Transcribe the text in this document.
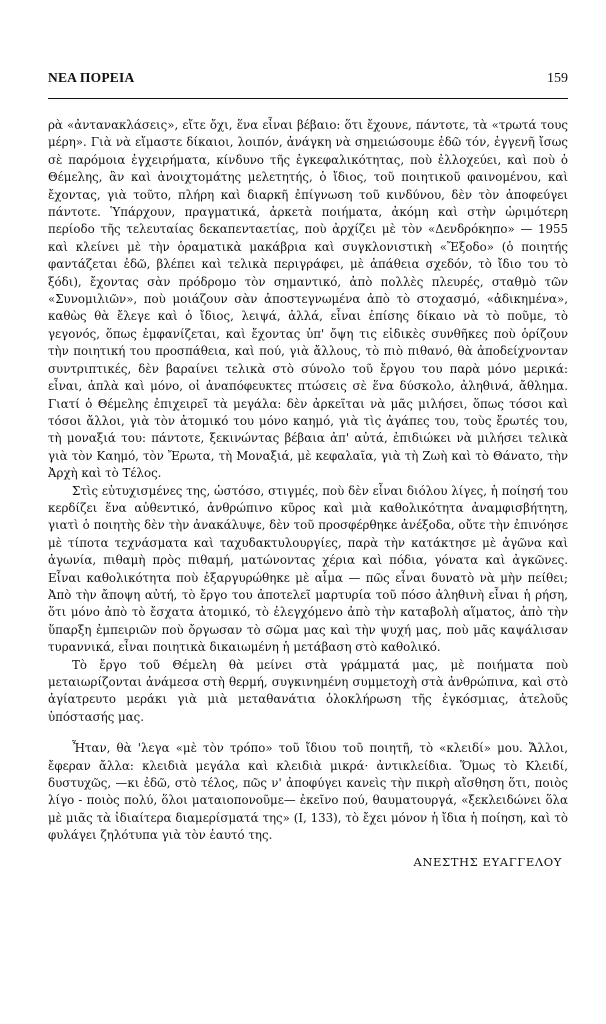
ΝΕΑ ΠΟΡΕΙΑ	159

ρὰ «ἀντανακλάσεις», εἴτε ὄχι, ἕνα εἶναι βέβαιο: ὅτι ἔχουνε, πάντοτε, τὰ «τρωτά τους μέρη». Γιὰ νὰ εἴμαστε δίκαιοι, λοιπόν, ἀνάγκη νὰ σημειώσουμε ἐδῶ τόν, ἐγγενῆ ἴσως σὲ παρόμοια ἐγχειρήματα, κίνδυνο τῆς ἐγκεφαλικότητας, ποὺ ἐλλοχεύει, καὶ ποὺ ὁ Θέμελης, ἂν καὶ ἀνοιχτομάτης μελετητής, ὁ ἴδιος, τοῦ ποιητικοῦ φαινομένου, καὶ ἔχοντας, γιὰ τοῦτο, πλήρη καὶ διαρκῆ ἐπίγνωση τοῦ κινδύνου, δὲν τὸν ἀποφεύγει πάντοτε. Ὑπάρχουν, πραγματικά, ἀρκετὰ ποιήματα, ἀκόμη καὶ στὴν ὡριμότερη περίοδο τῆς τελευταίας δεκαπενταετίας, ποὺ ἀρχίζει μὲ τὸν «Δενδρόκηπο» — 1955 καὶ κλείνει μὲ τὴν ὁραματικὰ μακάβρια καὶ συγκλονιστικὴ «Ἔξοδο» (ὁ ποιητής φαντάζεται ἐδῶ, βλέπει καὶ τελικὰ περιγράφει, μὲ ἀπάθεια σχεδόν, τὸ ἴδιο του τὸ ξόδι), ἔχοντας σὰν πρόδρομο τὸν σημαντικό, ἀπὸ πολλὲς πλευρές, σταθμὸ τῶν «Συνομιλιῶν», ποὺ μοιάζουν σὰν ἀποστεγνωμένα ἀπὸ τὸ στοχασμό, «ἀδικημένα», καθὼς θὰ ἔλεγε καὶ ὁ ἴδιος, λειψά, ἀλλά, εἶναι ἐπίσης δίκαιο νὰ τὸ ποῦμε, τὸ γεγονός, ὅπως ἐμφανίζεται, καὶ ἔχοντας ὑπ' ὄψη τις εἰδικὲς συνθῆκες ποὺ ὁρίζουν τὴν ποιητική του προσπάθεια, καὶ πού, γιὰ ἄλλους, τὸ πιὸ πιθανό, θὰ ἀποδείχνονταν συντριπτικές, δὲν βαραίνει τελικὰ στὸ σύνολο τοῦ ἔργου του παρὰ μόνο μερικά: εἶναι, ἁπλὰ καὶ μόνο, οἱ ἀναπόφευκτες πτώσεις σὲ ἕνα δύσκολο, ἀληθινά, ἄθλημα. Γιατί ὁ Θέμελης ἐπιχειρεῖ τὰ μεγάλα: δὲν ἀρκεῖται νὰ μᾶς μιλήσει, ὅπως τόσοι καὶ τόσοι ἄλλοι, γιὰ τὸν ἀτομικό του μόνο καημό, γιὰ τὶς ἀγάπες του, τοὺς ἔρωτές του, τὴ μοναξιά του: πάντοτε, ξεκινώντας βέβαια ἀπ' αὐτά, ἐπιδιώκει νὰ μιλήσει τελικὰ γιὰ τὸν Καημό, τὸν Ἔρωτα, τὴ Μοναξιά, μὲ κεφαλαῖα, γιὰ τὴ Ζωὴ καὶ τὸ Θάνατο, τὴν Ἀρχὴ καὶ τὸ Τέλος.

Στὶς εὐτυχισμένες της, ὡστόσο, στιγμές, ποὺ δὲν εἶναι διόλου λίγες, ἡ ποίησή του κερδίζει ἕνα αὐθεντικό, ἀνθρώπινο κῦρος καὶ μιὰ καθολικότητα ἀναμφισβήτητη, γιατὶ ὁ ποιητὴς δὲν τὴν ἀνακάλυψε, δὲν τοῦ προσφέρθηκε ἀνέξοδα, οὔτε τὴν ἐπινόησε μὲ τίποτα τεχνάσματα καὶ ταχυδακτυλουργίες, παρὰ τὴν κατάκτησε μὲ ἀγῶνα καὶ ἀγωνία, πιθαμὴ πρὸς πιθαμή, ματώνοντας χέρια καὶ πόδια, γόνατα καὶ ἀγκῶνες. Εἶναι καθολικότητα ποὺ ἐξαργυρώθηκε μὲ αἷμα — πῶς εἶναι δυνατὸ νὰ μὴν πείθει; Ἀπὸ τὴν ἄποψη αὐτή, τὸ ἔργο του ἀποτελεῖ μαρτυρία τοῦ πόσο ἀληθινὴ εἶναι ἡ ρήση, ὅτι μόνο ἀπὸ τὸ ἔσχατα ἀτομικό, τὸ ἐλεγχόμενο ἀπὸ τὴν καταβολὴ αἵματος, ἀπὸ τὴν ὕπαρξη ἐμπειριῶν ποὺ ὄργωσαν τὸ σῶμα μας καὶ τὴν ψυχή μας, ποὺ μᾶς καψάλισαν τυραννικά, εἶναι ποιητικὰ δικαιωμένη ἡ μετάβαση στὸ καθολικό.

Τὸ ἔργο τοῦ Θέμελη θὰ μείνει στὰ γράμματά μας, μὲ ποιήματα ποὺ μεταιωρίζονται ἀνάμεσα στὴ θερμή, συγκινημένη συμμετοχὴ στὰ ἀνθρώπινα, καὶ στὸ ἀγίατρευτο μεράκι γιὰ μιὰ μεταθανάτια ὁλοκλήρωση τῆς ἐγκόσμιας, ἀτελοῦς ὑπόστασής μας.

Ἦταν, θὰ 'λεγα «μὲ τὸν τρόπο» τοῦ ἴδιου τοῦ ποιητῆ, τὸ «κλειδί» μου. Ἄλλοι, ἔφεραν ἄλλα: κλειδιὰ μεγάλα καὶ κλειδιὰ μικρά· ἀντικλείδια. Ὅμως τὸ Κλειδί, δυστυχῶς, —κι ἐδῶ, στὸ τέλος, πῶς ν' ἀποφύγει κανεὶς τὴν πικρὴ αἴσθηση ὅτι, ποιὸς λίγο - ποιὸς πολύ, ὅλοι ματαιοπονοῦμε— ἐκεῖνο πού, θαυματουργά, «ξεκλειδώνει ὅλα μὲ μιᾶς τὰ ἰδιαίτερα διαμερίσματά της» (Ι, 133), τὸ ἔχει μόνον ἡ ἴδια ἡ ποίηση, καὶ τὸ φυλάγει ζηλότυπα γιὰ τὸν ἑαυτό της.

ΑΝΕΣΤΗΣ ΕΥΑΓΓΕΛΟΥ
